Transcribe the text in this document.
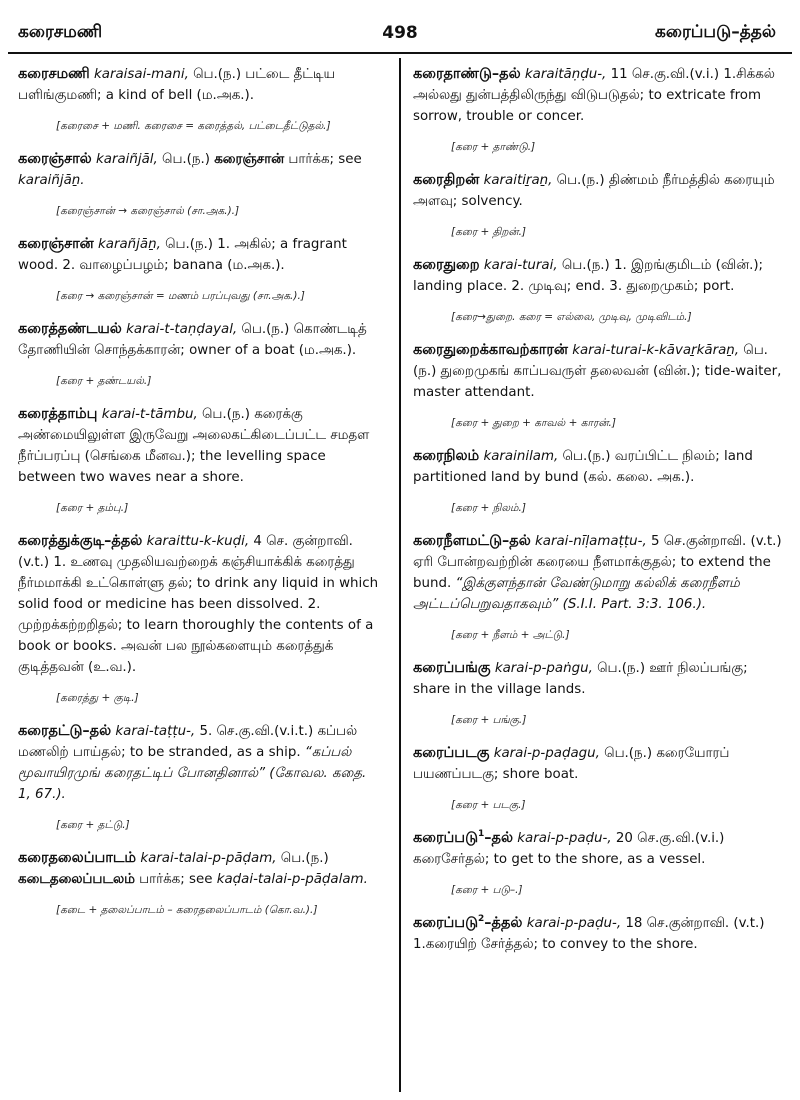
கரைசமணி	498	கரைப்படு–த்தல்
கரைசமணி karaisai-mani, பெ.(ந.) பட்டை தீட்டிய பளிங்குமணி; a kind of bell (ம.அக.).
[கரைசை + மணி. கரைசை = கரைத்தல், பட்டைதீட்டுதல்.]
கரைஞ்சால் karaiñjāl, பெ.(ந.) கரைஞ்சான் பார்க்க; see karaiñjāṉ.
[கரைஞ்சான் → கரைஞ்சால் (சா.அக.).]
கரைஞ்சான் karañjāṉ, பெ.(ந.) 1. அகில்; a fragrant wood. 2. வாழைப்பழம்; banana (ம.அக.).
[கரை → கரைஞ்சான் = மணம் பரப்புவது (சா.அக.).]
கரைத்தண்டயல் karai-t-taṇḍayal, பெ.(ந.) கொண்டடித் தோணியின் சொந்தக்காரன்; owner of a boat (ம.அக.).
[கரை + தண்டயல்.]
கரைத்தாம்பு karai-t-tāmbu, பெ.(ந.) கரைக்கு அண்மையிலுள்ள இருவேறு அலைகட்கிடைப்பட்ட சமதள நீர்ப்பரப்பு (செங்கை மீனவ.); the levelling space between two waves near a shore.
[கரை + தம்பு.]
கரைத்துக்குடி–த்தல் karaittu-k-kuḍi, 4 செ. குன்றாவி. (v.t.) 1. உணவு முதலியவற்றைக் கஞ்சியாக்கிக் கரைத்து நீர்மமாக்கி உட்கொள்ளு தல்; to drink any liquid in which solid food or medicine has been dissolved. 2. முற்றக்கற்றறிதல்; to learn thoroughly the contents of a book or books. அவன் பல நூல்களையும் கரைத்துக் குடித்தவன் (உ.வ.).
[கரைத்து + குடி.]
கரைதட்டு–தல் karai-taṭṭu-, 5. செ.கு.வி.(v.i.t.) கப்பல் மணலிற் பாய்தல்; to be stranded, as a ship. “கப்பல் மூவாயிரமுங் கரைதட்டிப் போனதினால்” (கோவல. கதை. 1, 67.).
[கரை + தட்டு.]
கரைதலைப்பாடம் karai-talai-p-pāḍam, பெ.(ந.) கடைதலைப்படலம் பார்க்க; see kaḍai-talai-p-pāḍalam.
[கடை + தலைப்பாடம் – கரைதலைப்பாடம் (கொ.வ.).]
கரைதாண்டு–தல் karaitāṇḍu-, 11 செ.கு.வி.(v.i.) 1.சிக்கல் அல்லது துன்பத்திலிருந்து விடுபடுதல்; to extricate from sorrow, trouble or concer.
[கரை + தாண்டு.]
கரைதிறன் karaitiṟaṉ, பெ.(ந.) திண்மம் நீர்மத்தில் கரையும் அளவு; solvency.
[கரை + திறன்.]
கரைதுறை karai-turai, பெ.(ந.) 1. இறங்குமிடம் (வின்.); landing place. 2. முடிவு; end. 3. துறைமுகம்; port.
[கரை→துறை. கரை = எல்லை, முடிவு, முடிவிடம்.]
கரைதுறைக்காவற்காரன் karai-turai-k-kāvaṟkāraṉ, பெ.(ந.) துறைமுகங் காப்பவருள் தலைவன் (வின்.); tide-waiter, master attendant.
[கரை + துறை + காவல் + காரன்.]
கரைநிலம் karainilam, பெ.(ந.) வரப்பிட்ட நிலம்; land partitioned land by bund (கல். கலை. அக.).
[கரை + நிலம்.]
கரைநீளமட்டு–தல் karai-nīḷamaṭṭu-, 5 செ.குன்றாவி. (v.t.) ஏரி போன்றவற்றின் கரையை நீளமாக்குதல்; to extend the bund. “இக்குளந்தான் வேண்டுமாறு கல்லிக் கரைநீளம் அட்டப்பெறுவதாகவும்” (S.I.I. Part. 3:3. 106.).
[கரை + நீளம் + அட்டு.]
கரைப்பங்கு karai-p-paṅgu, பெ.(ந.) ஊர் நிலப்பங்கு; share in the village lands.
[கரை + பங்கு.]
கரைப்படகு karai-p-paḍagu, பெ.(ந.) கரையோரப் பயணப்படகு; shore boat.
[கரை + படகு.]
கரைப்படு$^1$–தல் karai-p-paḍu-, 20 செ.கு.வி.(v.i.) கரைசேர்தல்; to get to the shore, as a vessel.
[கரை + படு–.]
கரைப்படு$^2$–த்தல் karai-p-paḍu-, 18 செ.குன்றாவி. (v.t.) 1.கரையிற் சேர்த்தல்; to convey to the shore.
